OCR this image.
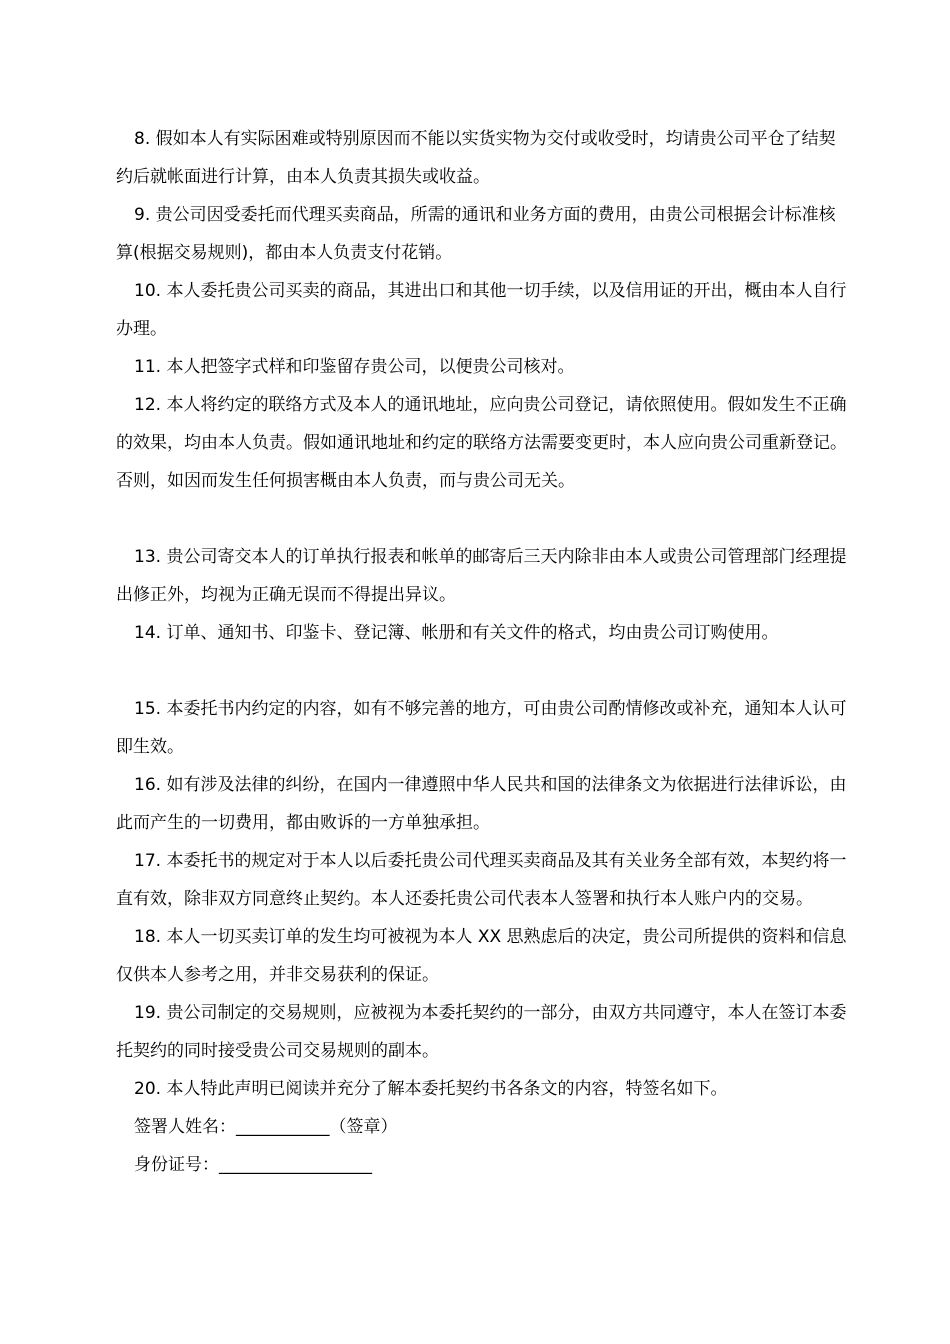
8. 假如本人有实际困难或特别原因而不能以实货实物为交付或收受时，均请贵公司平仓了结契约后就帐面进行计算，由本人负责其损失或收益。

9. 贵公司因受委托而代理买卖商品，所需的通讯和业务方面的费用，由贵公司根据会计标准核算(根据交易规则)，都由本人负责支付花销。

10. 本人委托贵公司买卖的商品，其进出口和其他一切手续，以及信用证的开出，概由本人自行办理。

11. 本人把签字式样和印鉴留存贵公司，以便贵公司核对。

12. 本人将约定的联络方式及本人的通讯地址，应向贵公司登记，请依照使用。假如发生不正确的效果，均由本人负责。假如通讯地址和约定的联络方法需要变更时，本人应向贵公司重新登记。否则，如因而发生任何损害概由本人负责，而与贵公司无关。

13. 贵公司寄交本人的订单执行报表和帐单的邮寄后三天内除非由本人或贵公司管理部门经理提出修正外，均视为正确无误而不得提出异议。

14. 订单、通知书、印鉴卡、登记簿、帐册和有关文件的格式，均由贵公司订购使用。

15. 本委托书内约定的内容，如有不够完善的地方，可由贵公司酌情修改或补充，通知本人认可即生效。

16. 如有涉及法律的纠纷，在国内一律遵照中华人民共和国的法律条文为依据进行法律诉讼，由此而产生的一切费用，都由败诉的一方单独承担。

17. 本委托书的规定对于本人以后委托贵公司代理买卖商品及其有关业务全部有效，本契约将一直有效，除非双方同意终止契约。本人还委托贵公司代表本人签署和执行本人账户内的交易。

18. 本人一切买卖订单的发生均可被视为本人 XX 思熟虑后的决定，贵公司所提供的资料和信息仅供本人参考之用，并非交易获利的保证。

19. 贵公司制定的交易规则，应被视为本委托契约的一部分，由双方共同遵守，本人在签订本委托契约的同时接受贵公司交易规则的副本。

20. 本人特此声明已阅读并充分了解本委托契约书各条文的内容，特签名如下。

签署人姓名：___________（签章）

身份证号：__________________
